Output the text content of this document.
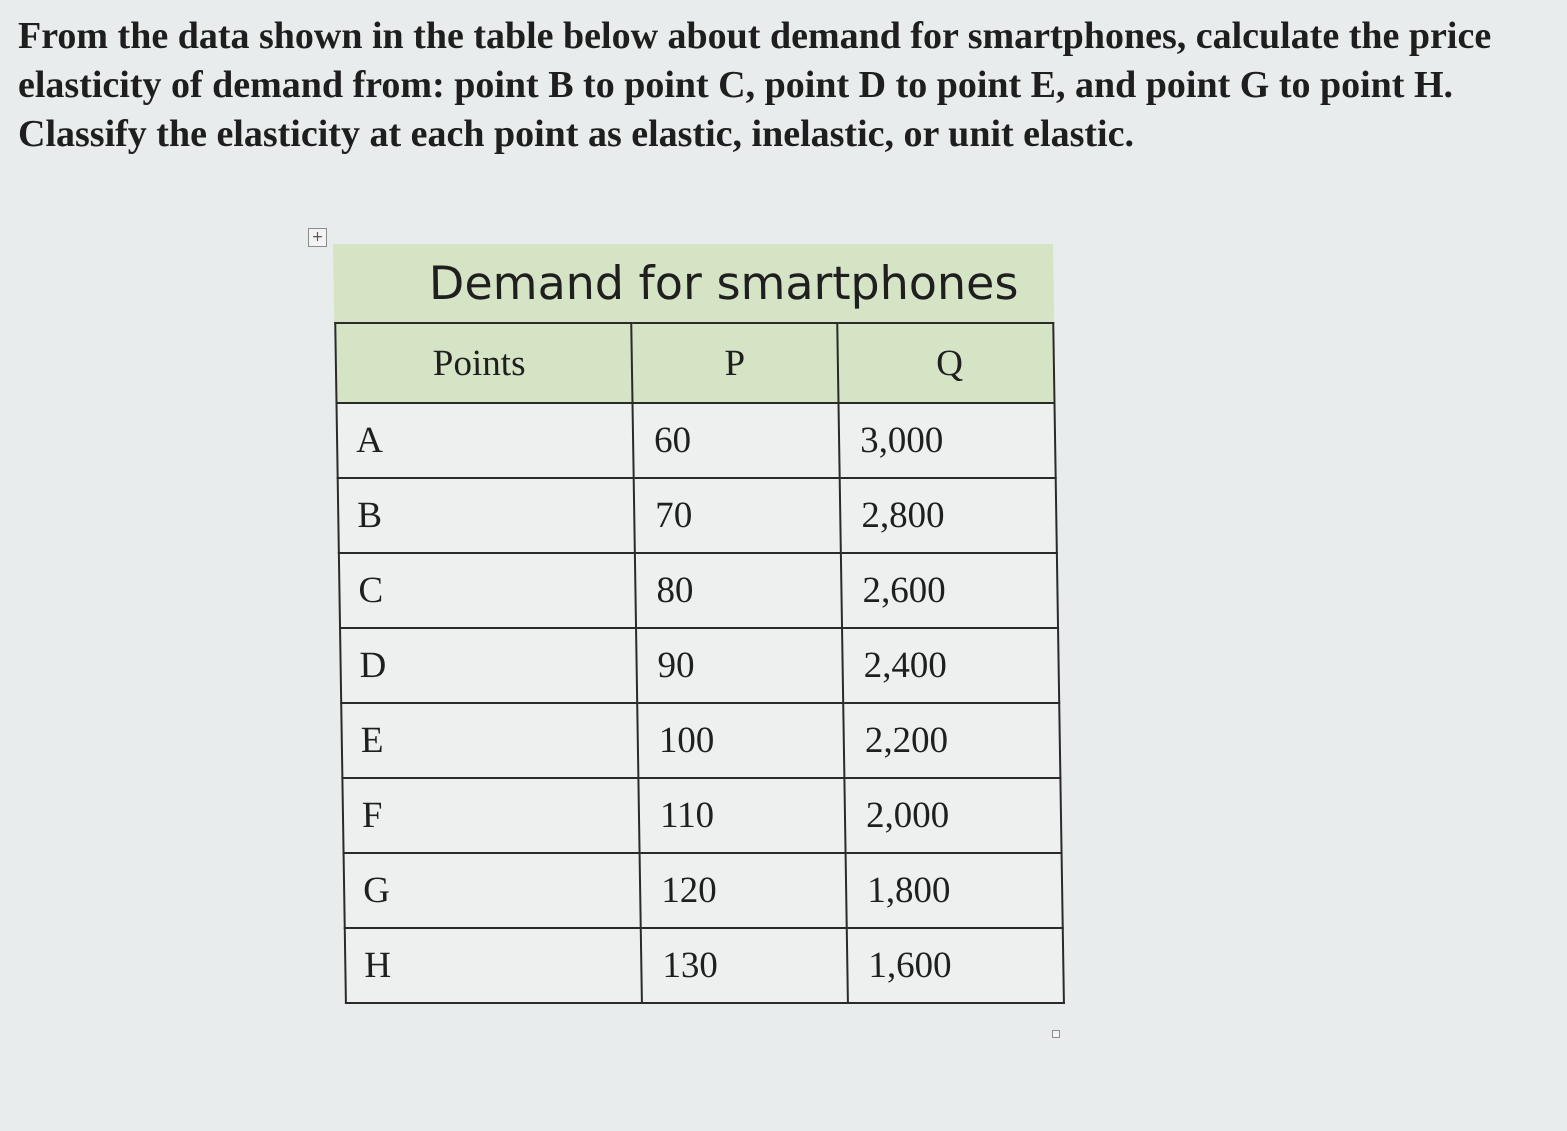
From the data shown in the table below about demand for smartphones, calculate the price elasticity of demand from: point B to point C, point D to point E, and point G to point H. Classify the elasticity at each point as elastic, inelastic, or unit elastic.

+
Demand for smartphones
Points	P	Q
A	60	3,000
B	70	2,800
C	80	2,600
D	90	2,400
E	100	2,200
F	110	2,000
G	120	1,800
H	130	1,600
